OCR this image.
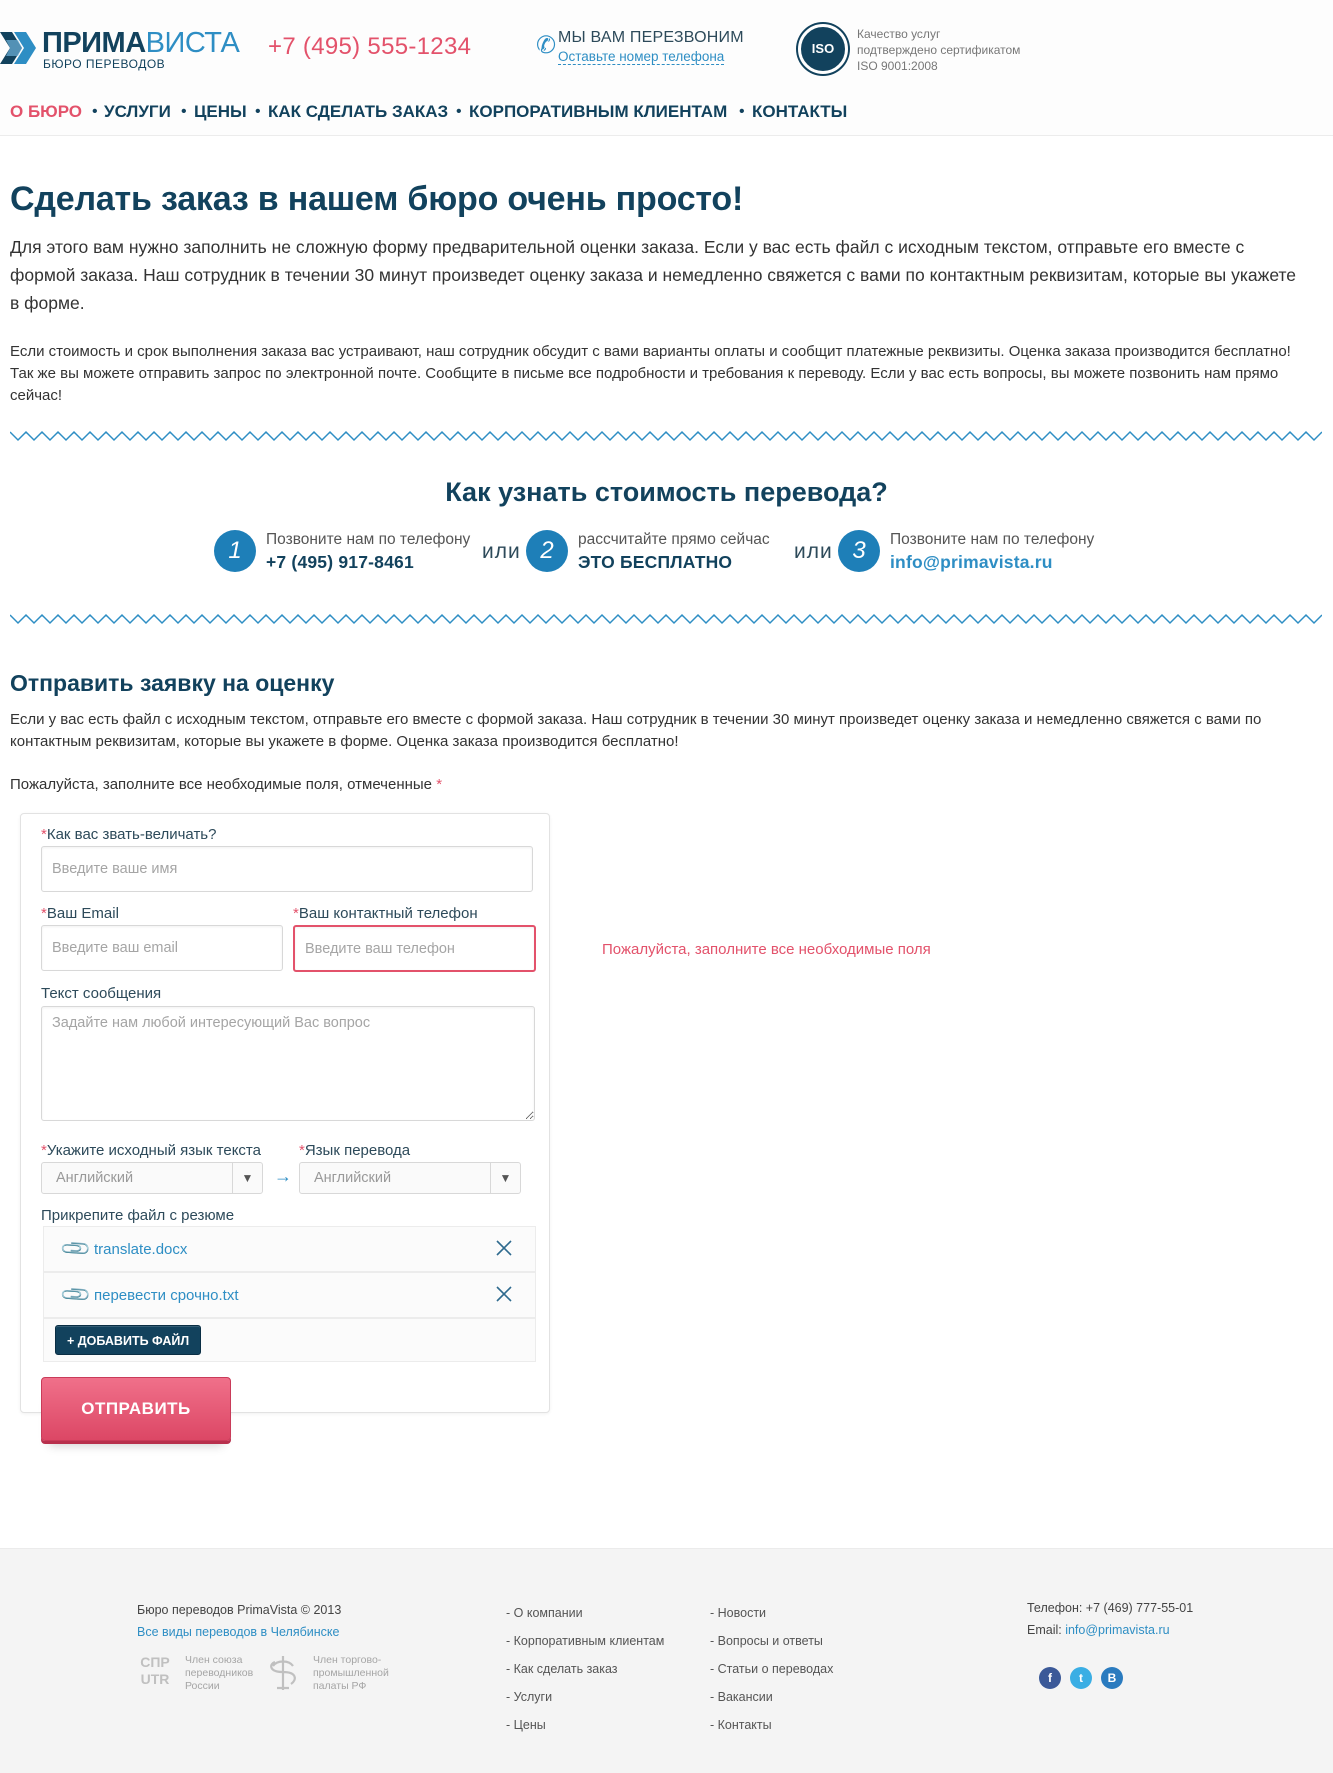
ПРИМАВИСТА
БЮРО ПЕРЕВОДОВ
+7 (495) 555-1234	✆ МЫ ВАМ ПЕРЕЗВОНИМ
Оставьте номер телефона
ISO
Качество услуг
подтверждено сертификатом
ISO 9001:2008
О БЮРО • УСЛУГИ • ЦЕНЫ • КАК СДЕЛАТЬ ЗАКАЗ • КОРПОРАТИВНЫМ КЛИЕНТАМ • КОНТАКТЫ
Сделать заказ в нашем бюро очень просто!
Для этого вам нужно заполнить не сложную форму предварительной оценки заказа. Если у вас есть файл с исходным текстом, отправьте его вместе с формой заказа. Наш сотрудник в течении 30 минут произведет оценку заказа и немедленно свяжется с вами по контактным реквизитам, которые вы укажете в форме.
Если стоимость и срок выполнения заказа вас устраивают, наш сотрудник обсудит с вами варианты оплаты и сообщит платежные реквизиты. Оценка заказа производится бесплатно! Так же вы можете отправить запрос по электронной почте. Сообщите в письме все подробности и требования к переводу. Если у вас есть вопросы, вы можете позвонить нам прямо сейчас!
Как узнать стоимость перевода?
1	Позвоните нам по телефону
+7 (495) 917-8461	или 2	рассчитайте прямо сейчас
ЭТО БЕСПЛАТНО	или 3	Позвоните нам по телефону
info@primavista.ru
Отправить заявку на оценку
Если у вас есть файл с исходным текстом, отправьте его вместе с формой заказа. Наш сотрудник в течении 30 минут произведет оценку заказа и немедленно свяжется с вами по контактным реквизитам, которые вы укажете в форме. Оценка заказа производится бесплатно!
Пожалуйста, заполните все необходимые поля, отмеченные *
*Как вас звать-величать?
Введите ваше имя
*Ваш Email
Введите ваш email	*Ваш контактный телефон
Введите ваш телефон
Пожалуйста, заполните все необходимые поля
Текст сообщения
Задайте нам любой интересующий Вас вопрос
*Укажите исходный язык текста
Английский	▼	→
*Язык перевода
Английский	▼
Прикрепите файл с резюме
📎 translate.docx
📎 перевести срочно.txt
+ ДОБАВИТЬ ФАЙЛ
ОТПРАВИТЬ
Бюро переводов PrimaVista © 2013
Все виды переводов в Челябинске
СПР UTR
Член союза
переводников
России
Член торгово-
промышленной
палаты РФ
- О компании
- Корпоративным клиентам
- Как сделать заказ
- Услуги
- Цены
- Новости
- Вопросы и ответы
- Статьи о переводах
- Вакансии
- Контакты
Телефон: +7 (469) 777-55-01
Email: info@primavista.ru
f	t	B
